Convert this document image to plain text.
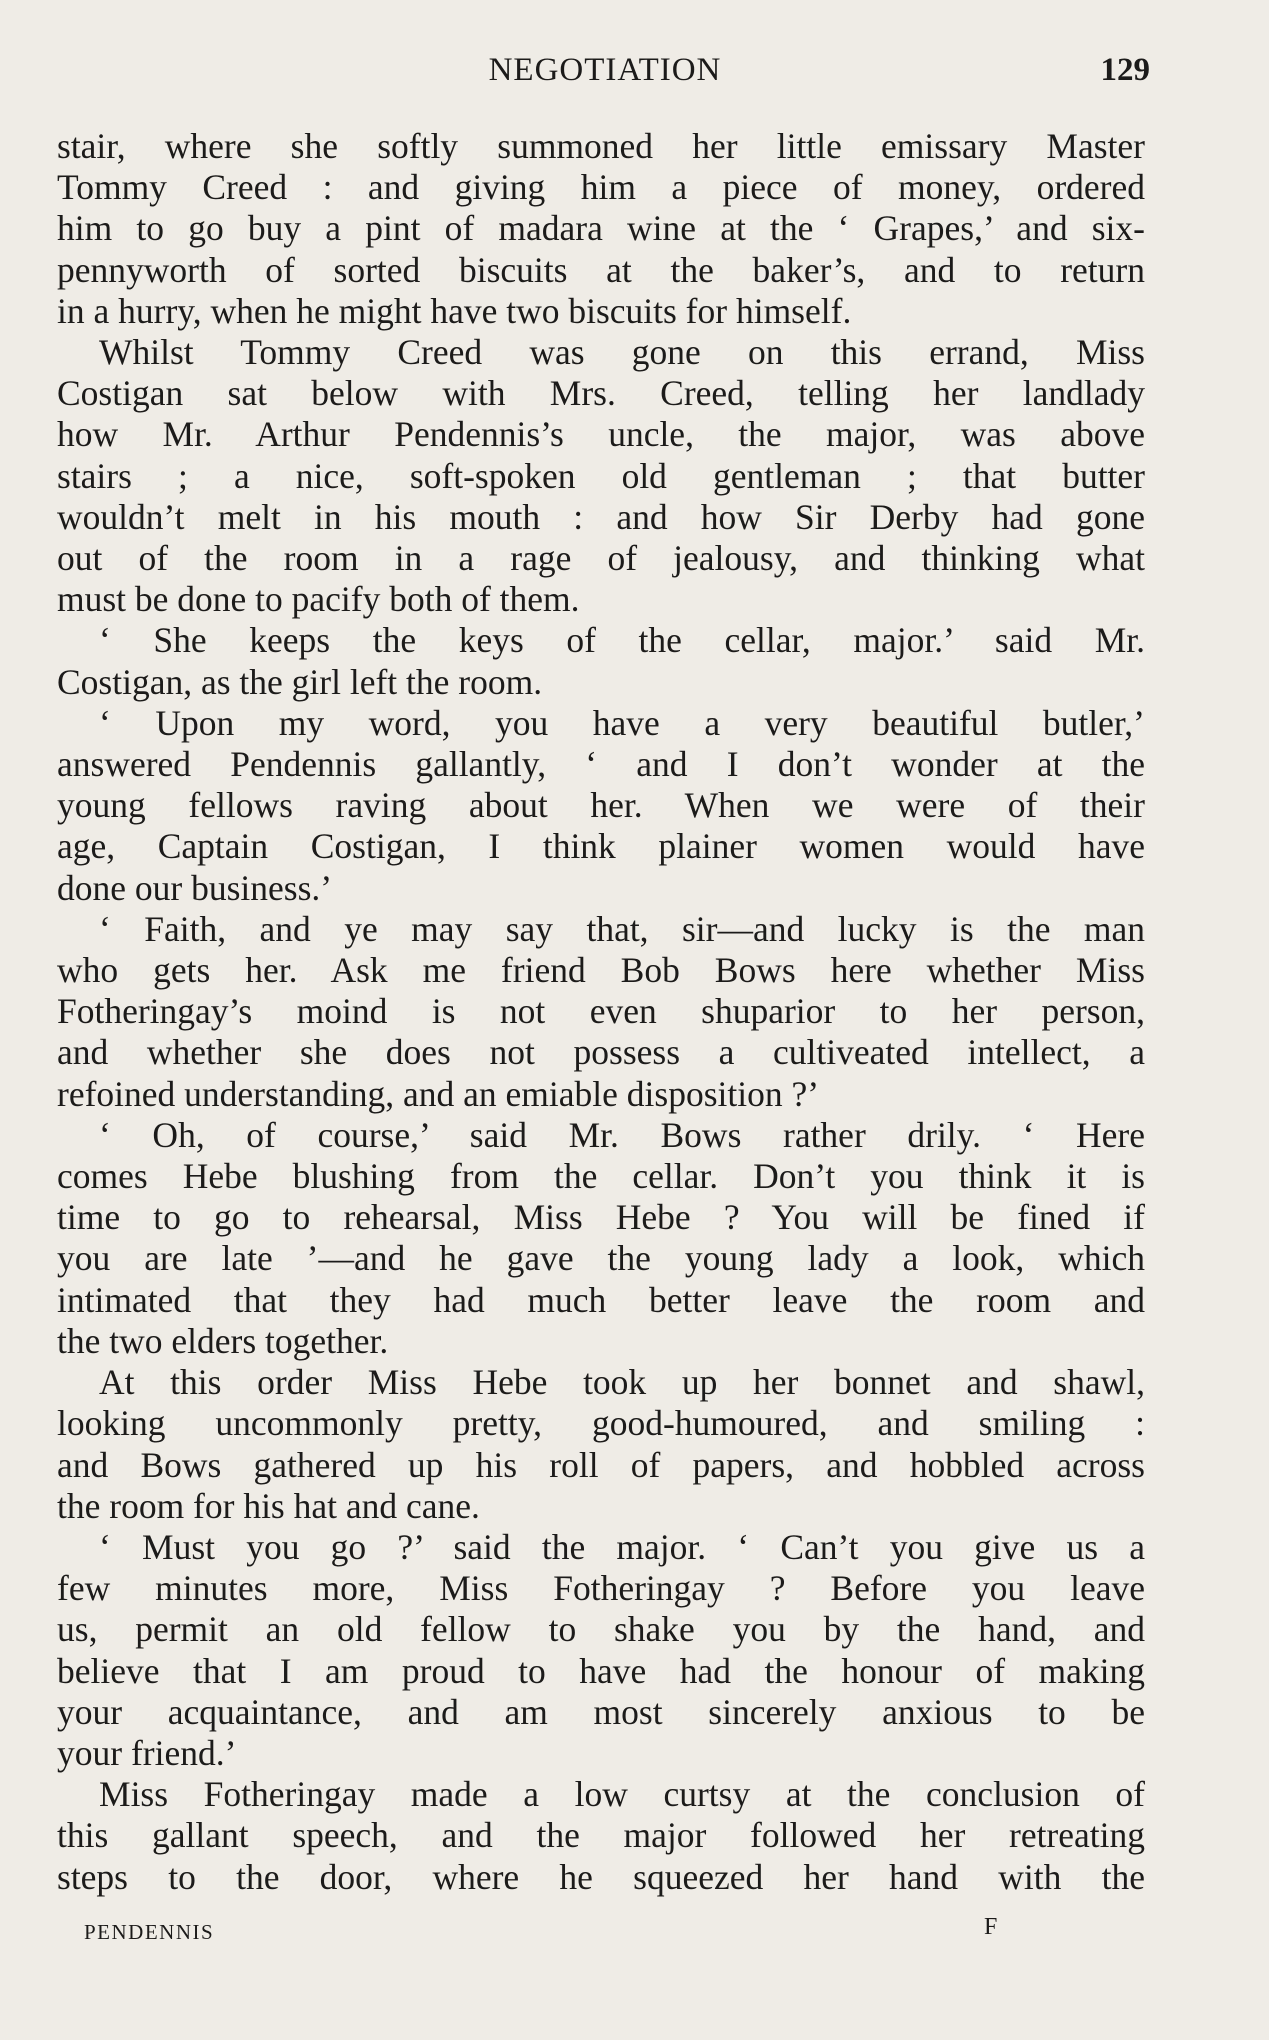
NEGOTIATION	129
stair, where she softly summoned her little emissary Master
Tommy Creed : and giving him a piece of money, ordered
him to go buy a pint of madara wine at the ‘ Grapes,’ and six-
pennyworth of sorted biscuits at the baker’s, and to return
in a hurry, when he might have two biscuits for himself.
Whilst Tommy Creed was gone on this errand, Miss
Costigan sat below with Mrs. Creed, telling her landlady
how Mr. Arthur Pendennis’s uncle, the major, was above
stairs ; a nice, soft-spoken old gentleman ; that butter
wouldn’t melt in his mouth : and how Sir Derby had gone
out of the room in a rage of jealousy, and thinking what
must be done to pacify both of them.
‘ She keeps the keys of the cellar, major.’ said Mr.
Costigan, as the girl left the room.
‘ Upon my word, you have a very beautiful butler,’
answered Pendennis gallantly, ‘ and I don’t wonder at the
young fellows raving about her. When we were of their
age, Captain Costigan, I think plainer women would have
done our business.’
‘ Faith, and ye may say that, sir—and lucky is the man
who gets her. Ask me friend Bob Bows here whether Miss
Fotheringay’s moind is not even shuparior to her person,
and whether she does not possess a cultiveated intellect, a
refoined understanding, and an emiable disposition ?’
‘ Oh, of course,’ said Mr. Bows rather drily. ‘ Here
comes Hebe blushing from the cellar. Don’t you think it is
time to go to rehearsal, Miss Hebe ? You will be fined if
you are late ’—and he gave the young lady a look, which
intimated that they had much better leave the room and
the two elders together.
At this order Miss Hebe took up her bonnet and shawl,
looking uncommonly pretty, good-humoured, and smiling :
and Bows gathered up his roll of papers, and hobbled across
the room for his hat and cane.
‘ Must you go ?’ said the major. ‘ Can’t you give us a
few minutes more, Miss Fotheringay ? Before you leave
us, permit an old fellow to shake you by the hand, and
believe that I am proud to have had the honour of making
your acquaintance, and am most sincerely anxious to be
your friend.’
Miss Fotheringay made a low curtsy at the conclusion of
this gallant speech, and the major followed her retreating
steps to the door, where he squeezed her hand with the
PENDENNIS	F
